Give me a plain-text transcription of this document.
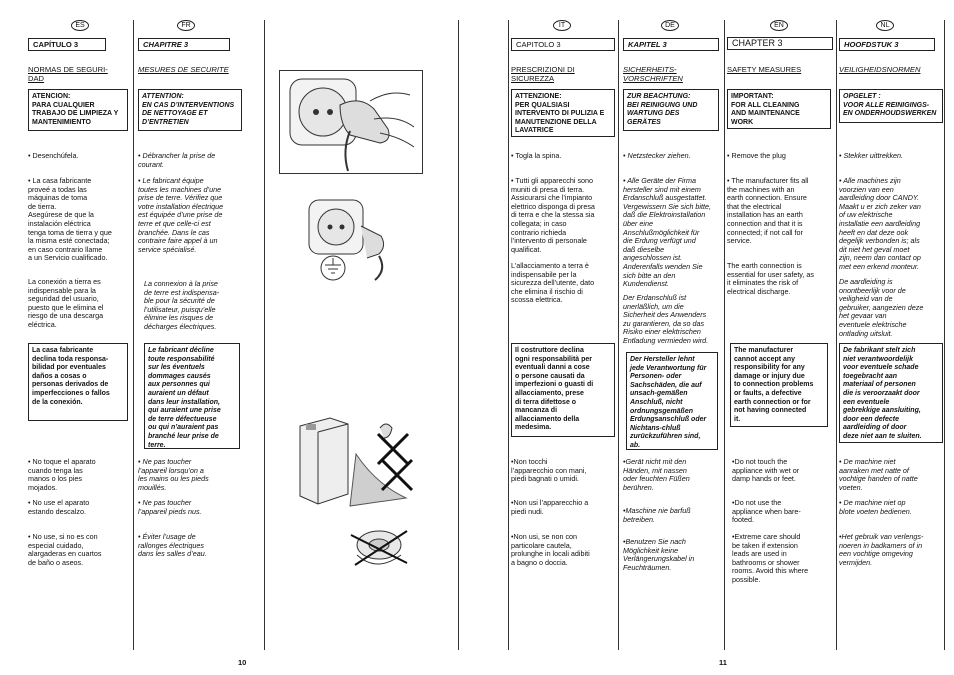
ES
CAPÍTULO 3
NORMAS DE SEGURI-
DAD
ATENCION:
PARA CUALQUIER
TRABAJO DE LIMPIEZA Y
MANTENIMIENTO
• Desenchúfela.
• La casa fabricante
proveé a todas las
máquinas de toma
de tierra.
Asegúrese de que la
instalación eléctrica
tenga toma de tierra y que
la misma esté conectada;
en caso contrario llame
a un Servicio cualificado.
La conexión a tierra es
indispensable para la
seguridad del usuario,
puesto que le elimina el
riesgo de una descarga
eléctrica.
La casa fabricante
declina toda responsa-
bilidad por eventuales
daños a cosas o
personas derivados de
imperfecciones o fallos
de la conexión.
• No toque el aparato
cuando tenga las
manos o los pies
mojados.
• No use el aparato
estando descalzo.
• No use, si no es con
especial cuidado,
alargaderas en cuartos
de baño o aseos.
FR
CHAPITRE 3
MESURES DE SECURITE
ATTENTION:
EN CAS D’INTERVENTIONS
DE NETTOYAGE ET
D’ENTRETIEN
• Débrancher la prise de
courant.
• Le fabricant équipe
toutes les machines d’une
prise de terre. Vérifiez que
votre installation électrique
est équipée d’une prise de
terre et que celle-ci est
branchée. Dans le cas
contraire faire appel à un
service spécialisé.
La connexion à la prise
de terre est indispensa-
ble pour la sécurité de
l’utilisateur, puisqu’elle
élimine les risques de
décharges électriques.
Le fabricant décline
toute responsabilité
sur les éventuels
dommages causés
aux personnes qui
auraient un défaut
dans leur installation,
qui auraient une prise
de terre défectueuse
ou qui n’auraient pas
branché leur prise de
terre.
• Ne pas toucher
l’appareil lorsqu’on a
les mains ou les pieds
mouillés.
• Ne pas toucher
l’appareil pieds nus.
• Éviter l’usage de
rallonges électriques
dans les salles d’eau.
IT
CAPITOLO 3
PRESCRIZIONI DI
SICUREZZA
ATTENZIONE:
PER QUALSIASI
INTERVENTO DI PULIZIA E
MANUTENZIONE DELLA
LAVATRICE
• Togla la spina.
• Tutti gli apparecchi sono
muniti di presa di terra.
Assicurarsi che l’impianto
elettrico disponga di presa
di terra e che la stessa sia
collegata; in caso
contrario richieda
l’intervento di personale
qualificat.
L’allacciamento a terra è
indispensabile per la
sicurezza dell’utente, dato
che elimina il rischio di
scossa elettrica.
Il costruttore declina
ogni responsabilità per
eventuali danni a cose
o persone causati da
imperfezioni o guasti di
allacciamento, prese
di terra difettose o
mancanza di
allacciamento della
medesima.
•Non tocchi
l’apparecchio con mani,
piedi bagnati o umidi.
•Non usi l’apparecchio a
piedi nudi.
•Non usi, se non con
particolare cautela,
prolunghe in locali adibiti
a bagno o doccia.
DE
KAPITEL 3
SICHERHEITS-
VORSCHRIFTEN
ZUR BEACHTUNG:
BEI REINIGUNG UND
WARTUNG DES GERÄTES
• Netzstecker ziehen.
• Alle Geräte der Firma
hersteller sind mit einem
Erdanschluß ausgestattet.
Vergewissern Sie sich bitte,
daß die Elektroinstallation
über eine
Anschlußmöglichkeit für
die Erdung verfügt und
daß dieselbe
angeschlossen ist.
Anderenfalls wenden Sie
sich bitte an den
Kundendienst.
Der Erdanschluß ist
unerläßlich, um die
Sicherheit des Anwenders
zu garantieren, da so das
Risiko einer elektrischen
Entladung vermieden wird.
Der Hersteller lehnt
jede Verantwortung für
Personen- oder
Sachschäden, die auf
unsach-gemäßen
Anschluß, nicht
ordnungsgemäßen
Erdungsanschluß oder
Nichtans-chluß
zurückzuführen sind,
ab.
•Gerät nicht mit den
Händen, mit nassen
oder feuchten Füßen
berühren.
•Maschine nie barfuß
betreiben.
•Benutzen Sie nach
Möglichkeit keine
Verlängerungskabel in
Feuchträumen.
EN
CHAPTER 3
SAFETY MEASURES
IMPORTANT:
FOR ALL CLEANING
AND MAINTENANCE
WORK
• Remove the plug
• The manufacturer fits all
the machines with an
earth connection. Ensure
that the electrical
installation has an earth
connection and that it is
connected; if not call for
service.
The earth connection is
essential for user safety, as
it eliminates the risk of
electrical discharge.
The manufacturer
cannot accept any
responsibility for any
damage or injury due
to connection problems
or faults, a defective
earth connection or for
not having connected
it.
•Do not touch the
appliance with wet or
damp hands or feet.
•Do not use the
appliance when bare-
footed.
•Extreme care should
be taken if extension
leads are used in
bathrooms or shower
rooms. Avoid this where
possible.
NL
HOOFDSTUK 3
VEILIGHEIDSNORMEN
OPGELET :
VOOR ALLE REINIGINGS-
EN ONDERHOUDSWERKEN
• Stekker uittrekken.
• Alle machines zijn
voorzien van een
aardleiding door CANDY.
Maakt u er zich zeker van
of uw elektrische
installatie een aardleiding
heeft en dat deze ook
degelijk verbonden is; als
dit niet het geval moet
zijn, neem dan contact op
met een erkend monteur.
De aardleiding is
onontbeerlijk voor de
veiligheid van de
gebruiker, aangezien deze
het gevaar van
eventuele elektrische
ontlading uitsluit.
De fabrikant stelt zich
niet verantwoordelijk
voor eventuele schade
toegebracht aan
materiaal of personen
die is veroorzaakt door
een eventuele
gebrekkige aansluiting,
door een defecte
aardleiding of door
deze niet aan te sluiten.
• De machine niet
aanraken met natte of
vochtige handen of natte
voeten.
• De machine niet op
blote voeten bedienen.
•Het gebruik van verlengs-
noeren in badkamers of in
een vochtige omgeving
vermijden.
10	11
